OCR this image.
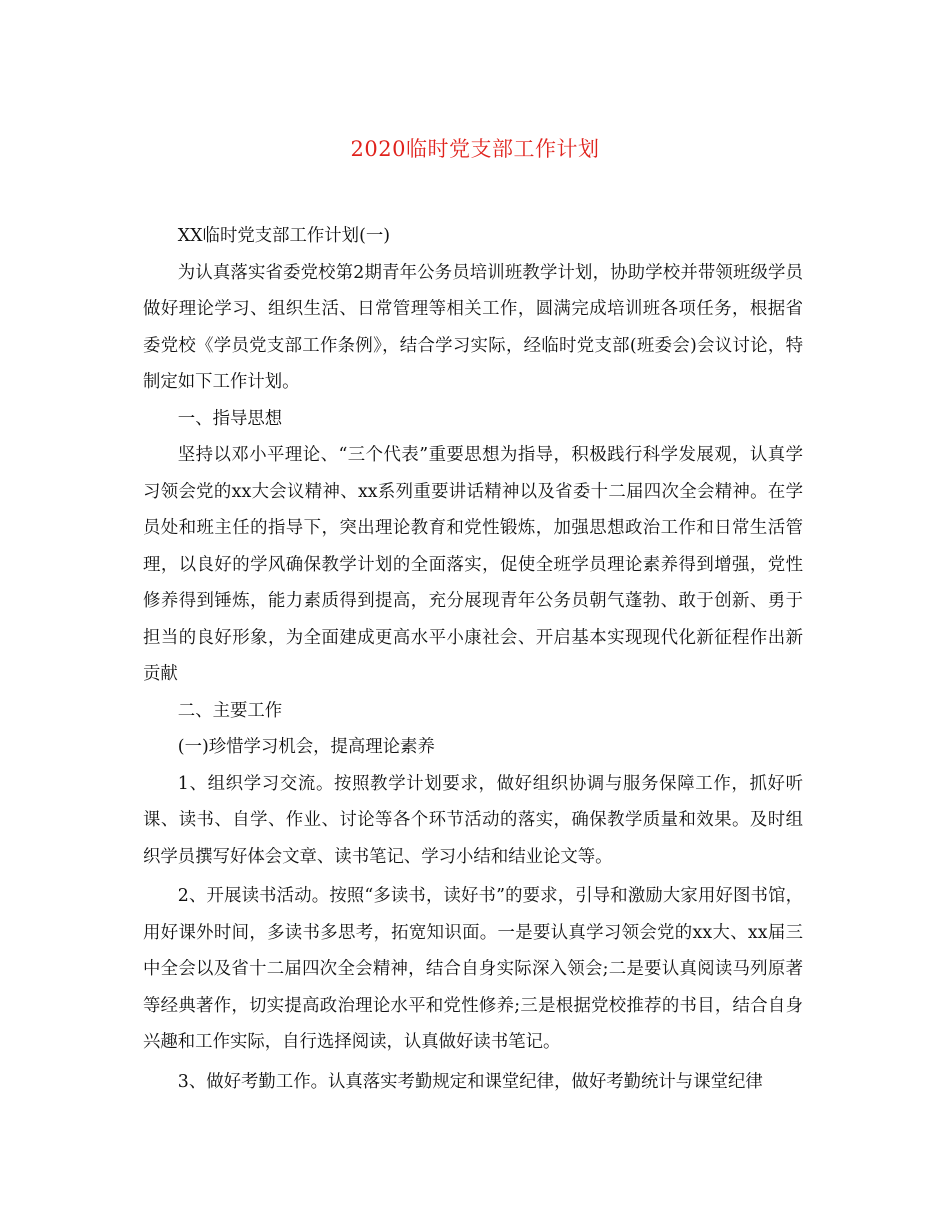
2020临时党支部工作计划

XX临时党支部工作计划(一)

为认真落实省委党校第2期青年公务员培训班教学计划，协助学校并带领班级学员做好理论学习、组织生活、日常管理等相关工作，圆满完成培训班各项任务，根据省委党校《学员党支部工作条例》，结合学习实际，经临时党支部(班委会)会议讨论，特制定如下工作计划。

一、指导思想

坚持以邓小平理论、“三个代表”重要思想为指导，积极践行科学发展观，认真学习领会党的xx大会议精神、xx系列重要讲话精神以及省委十二届四次全会精神。在学员处和班主任的指导下，突出理论教育和党性锻炼，加强思想政治工作和日常生活管理，以良好的学风确保教学计划的全面落实，促使全班学员理论素养得到增强，党性修养得到锤炼，能力素质得到提高，充分展现青年公务员朝气蓬勃、敢于创新、勇于担当的良好形象，为全面建成更高水平小康社会、开启基本实现现代化新征程作出新贡献

二、主要工作

(一)珍惜学习机会，提高理论素养

1、组织学习交流。按照教学计划要求，做好组织协调与服务保障工作，抓好听课、读书、自学、作业、讨论等各个环节活动的落实，确保教学质量和效果。及时组织学员撰写好体会文章、读书笔记、学习小结和结业论文等。

2、开展读书活动。按照“多读书，读好书”的要求，引导和激励大家用好图书馆，用好课外时间，多读书多思考，拓宽知识面。一是要认真学习领会党的xx大、xx届三中全会以及省十二届四次全会精神，结合自身实际深入领会;二是要认真阅读马列原著等经典著作，切实提高政治理论水平和党性修养;三是根据党校推荐的书目，结合自身兴趣和工作实际，自行选择阅读，认真做好读书笔记。

3、做好考勤工作。认真落实考勤规定和课堂纪律，做好考勤统计与课堂纪律
